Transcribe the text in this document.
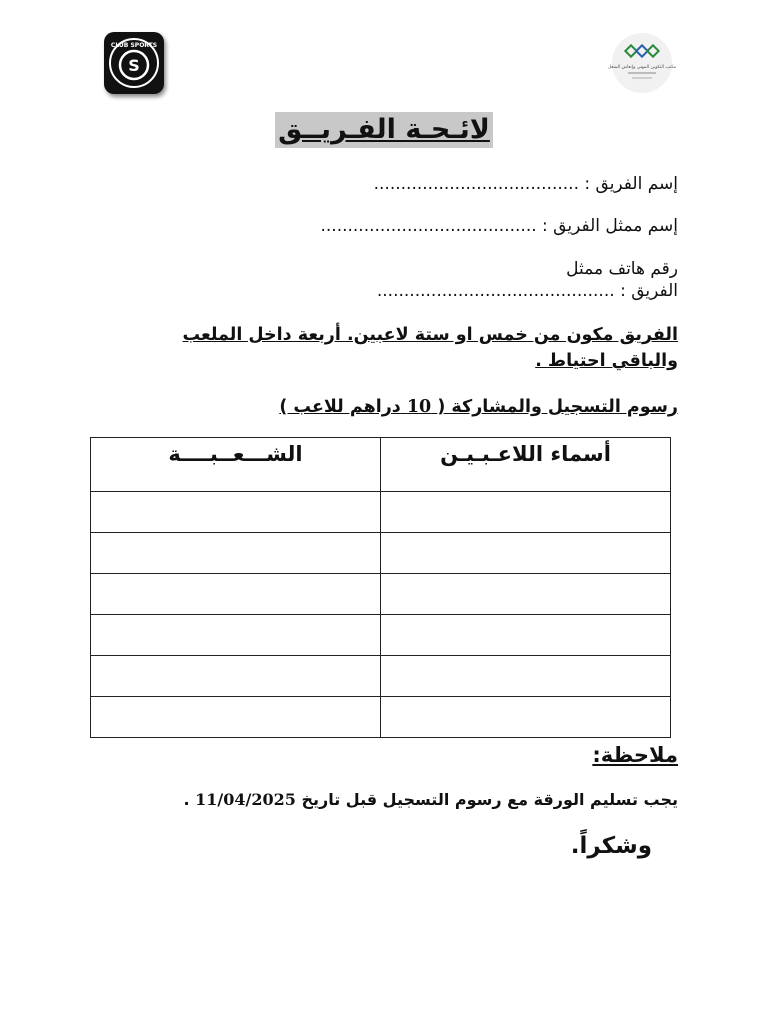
S
CLUB SPORTS
مكتب التكوين المهني وإنعاش الشغل
لائـحـة الفـريــق
إسم الفريق : ......................................
إسم ممثل الفريق : ........................................
رقم هاتف ممثل
الفريق : ............................................
الفريق مكون من خمس او ستة لاعبين. أربعة داخل الملعب والباقي احتياط .
رسوم التسجيل والمشاركة ( 10 دراهم للاعب )
أسماء اللاعـبـيـن	الشـــعــبــــة

ملاحظة:
يجب تسليم الورقة مع رسوم التسجيل قبل تاريخ 11/04/2025 .
وشكراً.
